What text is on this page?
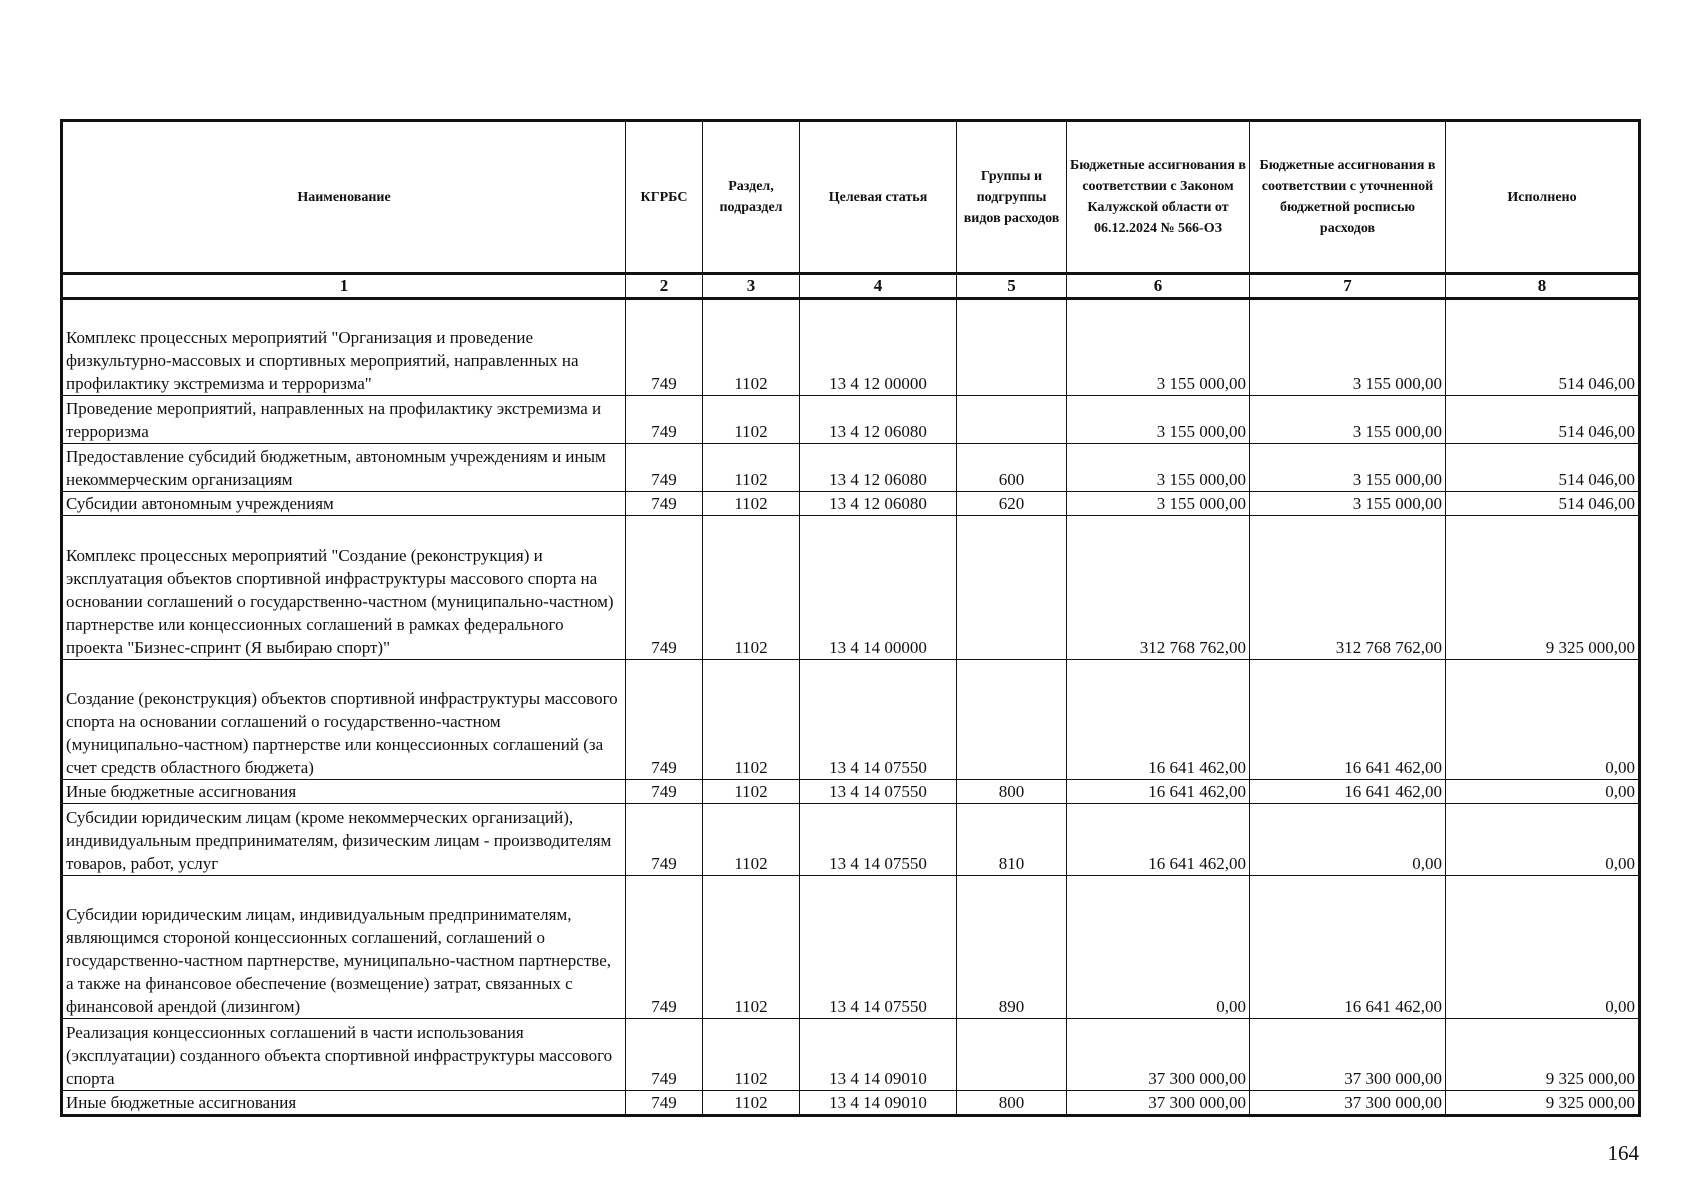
Наименование	КГРБС	Раздел, подраздел	Целевая статья	Группы и подгруппы видов расходов	Бюджетные ассигнования в соответствии с Законом Калужской области от 06.12.2024 № 566-ОЗ	Бюджетные ассигнования в соответствии с уточненной бюджетной росписью расходов	Исполнено
1	2	3	4	5	6	7	8
Комплекс процессных мероприятий "Организация и проведение физкультурно-массовых и спортивных мероприятий, направленных на профилактику экстремизма и терроризма"	749	1102	13 4 12 00000		3 155 000,00	3 155 000,00	514 046,00
Проведение мероприятий, направленных на профилактику экстремизма и терроризма	749	1102	13 4 12 06080		3 155 000,00	3 155 000,00	514 046,00
Предоставление субсидий бюджетным, автономным учреждениям и иным некоммерческим организациям	749	1102	13 4 12 06080	600	3 155 000,00	3 155 000,00	514 046,00
Субсидии автономным учреждениям	749	1102	13 4 12 06080	620	3 155 000,00	3 155 000,00	514 046,00
Комплекс процессных мероприятий "Создание (реконструкция) и эксплуатация объектов спортивной инфраструктуры массового спорта на основании соглашений о государственно-частном (муниципально-частном) партнерстве или концессионных соглашений в рамках федерального проекта "Бизнес-спринт (Я выбираю спорт)"	749	1102	13 4 14 00000		312 768 762,00	312 768 762,00	9 325 000,00
Создание (реконструкция) объектов спортивной инфраструктуры массового спорта на основании соглашений о государственно-частном (муниципально-частном) партнерстве или концессионных соглашений (за счет средств областного бюджета)	749	1102	13 4 14 07550		16 641 462,00	16 641 462,00	0,00
Иные бюджетные ассигнования	749	1102	13 4 14 07550	800	16 641 462,00	16 641 462,00	0,00
Субсидии юридическим лицам (кроме некоммерческих организаций), индивидуальным предпринимателям, физическим лицам - производителям товаров, работ, услуг	749	1102	13 4 14 07550	810	16 641 462,00	0,00	0,00
Субсидии юридическим лицам, индивидуальным предпринимателям, являющимся стороной концессионных соглашений, соглашений о государственно-частном партнерстве, муниципально-частном партнерстве, а также на финансовое обеспечение (возмещение) затрат, связанных с финансовой арендой (лизингом)	749	1102	13 4 14 07550	890	0,00	16 641 462,00	0,00
Реализация концессионных соглашений в части использования (эксплуатации) созданного объекта спортивной инфраструктуры массового спорта	749	1102	13 4 14 09010		37 300 000,00	37 300 000,00	9 325 000,00
Иные бюджетные ассигнования	749	1102	13 4 14 09010	800	37 300 000,00	37 300 000,00	9 325 000,00
164
